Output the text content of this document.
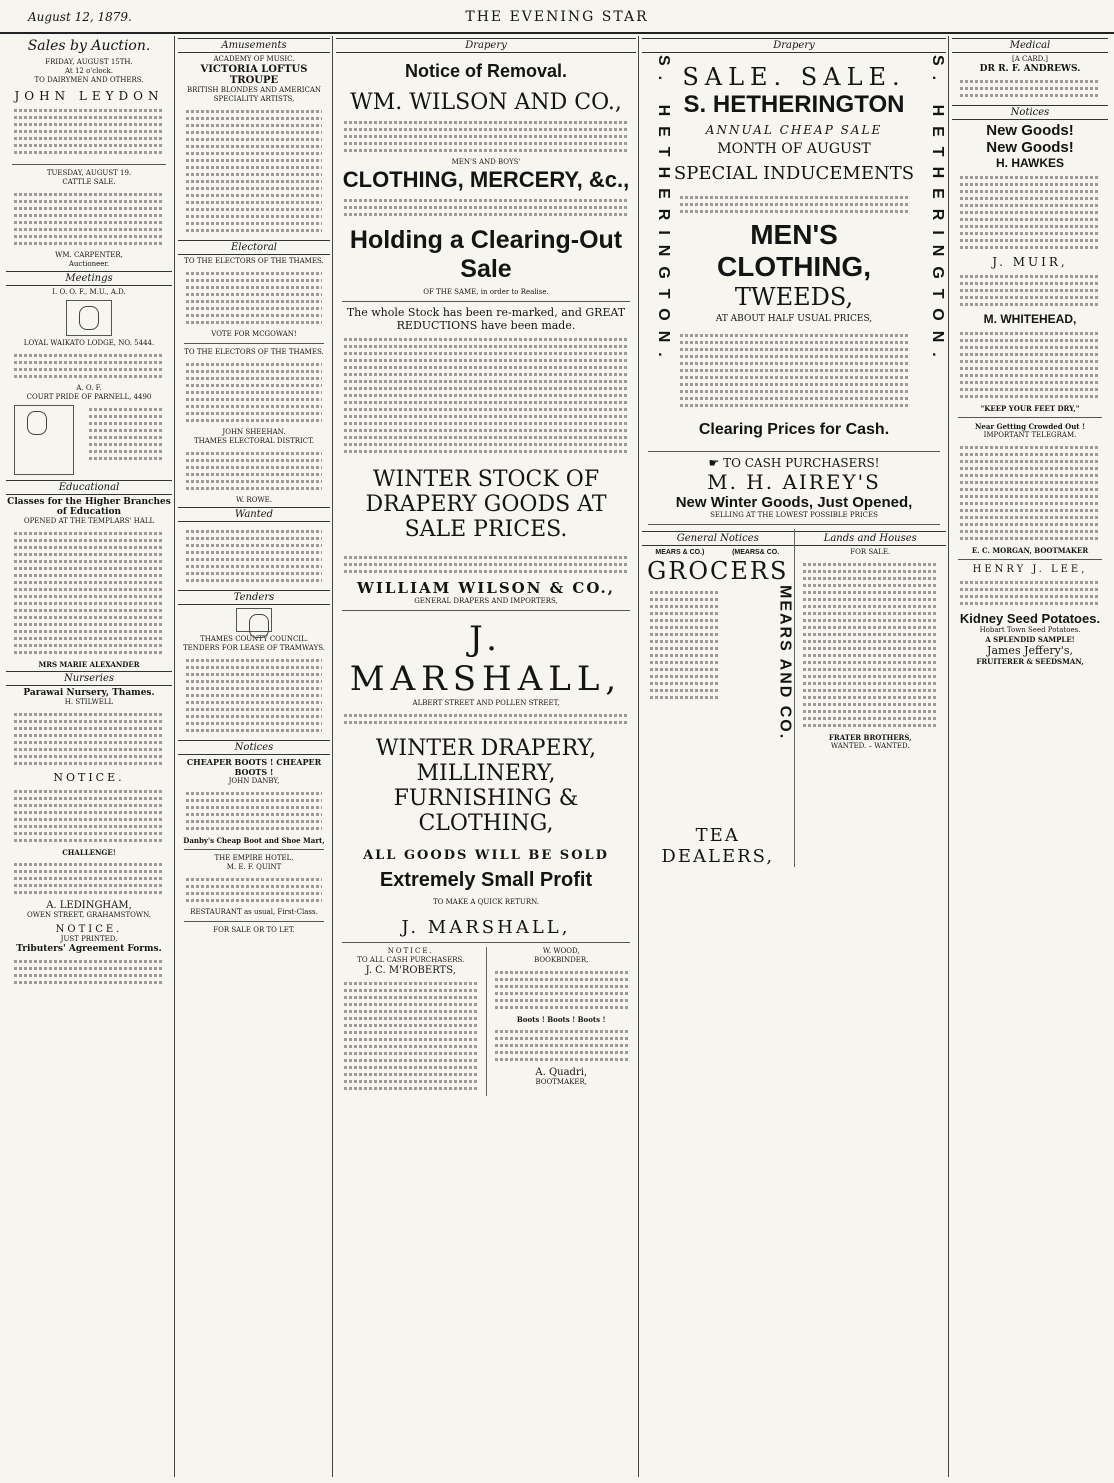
August 12, 1879.	THE EVENING STAR
Sales by Auction.
FRIDAY, AUGUST 15TH.
At 12 o'clock.
TO DAIRYMEN AND OTHERS.
JOHN LEYDON
TUESDAY, AUGUST 19.
CATTLE SALE.
WM. CARPENTER,
Auctioneer.
Meetings
I. O. O. F., M.U., A.D.
LOYAL WAIKATO LODGE, NO. 5444.
A. O. F.
COURT PRIDE OF PARNELL, 4490
Educational
Classes for the Higher Branches of Education
OPENED AT THE TEMPLARS' HALL
MRS MARIE ALEXANDER
Nurseries
Parawai Nursery, Thames.
H. STILWELL
NOTICE.
CHALLENGE!
A. LEDINGHAM,
OWEN STREET, GRAHAMSTOWN.
NOTICE.
JUST PRINTED,
Tributers' Agreement Forms.
Amusements
ACADEMY OF MUSIC.
VICTORIA LOFTUS TROUPE
BRITISH BLONDES AND AMERICAN SPECIALITY ARTISTS,
Electoral
TO THE ELECTORS OF THE THAMES.
VOTE FOR MCGOWAN!
TO THE ELECTORS OF THE THAMES.
JOHN SHEEHAN.
THAMES ELECTORAL DISTRICT.
W. ROWE.
Wanted
Tenders
THAMES COUNTY COUNCIL.
TENDERS FOR LEASE OF TRAMWAYS.
Notices
CHEAPER BOOTS ! CHEAPER BOOTS !
JOHN DANBY,
Danby's Cheap Boot and Shoe Mart,
THE EMPIRE HOTEL.
M. E. F. QUINT
RESTAURANT as usual, First-Class.
FOR SALE OR TO LET.
Drapery
Notice of Removal.
WM. WILSON AND CO.,
MEN'S AND BOYS'
CLOTHING, MERCERY, &c.,
Holding a Clearing-Out Sale
OF THE SAME, in order to Realise.
The whole Stock has been re-marked, and GREAT REDUCTIONS have been made.
WINTER STOCK OF DRAPERY GOODS AT SALE PRICES.
WILLIAM WILSON & CO.,
GENERAL DRAPERS AND IMPORTERS,
J. MARSHALL,
ALBERT STREET AND POLLEN STREET,
WINTER DRAPERY, MILLINERY, FURNISHING & CLOTHING,
ALL GOODS WILL BE SOLD
Extremely Small Profit
TO MAKE A QUICK RETURN.
J. MARSHALL,
NOTICE.
TO ALL CASH PURCHASERS.
J. C. M'ROBERTS,
W. WOOD,
BOOKBINDER,
Boots ! Boots ! Boots !
A. Quadri,
BOOTMAKER,
Drapery
S. HETHERINGTON. SALE. SALE.
S. HETHERINGTON
ANNUAL CHEAP SALE
MONTH OF AUGUST
SPECIAL INDUCEMENTS
MEN'S CLOTHING,
TWEEDS,
AT ABOUT HALF USUAL PRICES,
Clearing Prices for Cash.
S. HETHERINGTON.
☛ TO CASH PURCHASERS!
M. H. AIREY'S
New Winter Goods, Just Opened,
SELLING AT THE LOWEST POSSIBLE PRICES
General Notices
MEARS & CO.)	(MEARS& CO.
GROCERS
MEARS AND CO.
TEA DEALERS,
Lands and Houses
FOR SALE.
FRATER BROTHERS,
WANTED. – WANTED.
Medical
[A CARD.]
DR R. F. ANDREWS.
Notices
New Goods!
New Goods!
H. HAWKES
J. MUIR,
M. WHITEHEAD,
"KEEP YOUR FEET DRY,"
Near Getting Crowded Out !
IMPORTANT TELEGRAM.
E. C. MORGAN, BOOTMAKER
HENRY J. LEE,
Kidney Seed Potatoes.
Hobart Town Seed Potatoes.
A SPLENDID SAMPLE!
James Jeffery's,
FRUITERER & SEEDSMAN,
